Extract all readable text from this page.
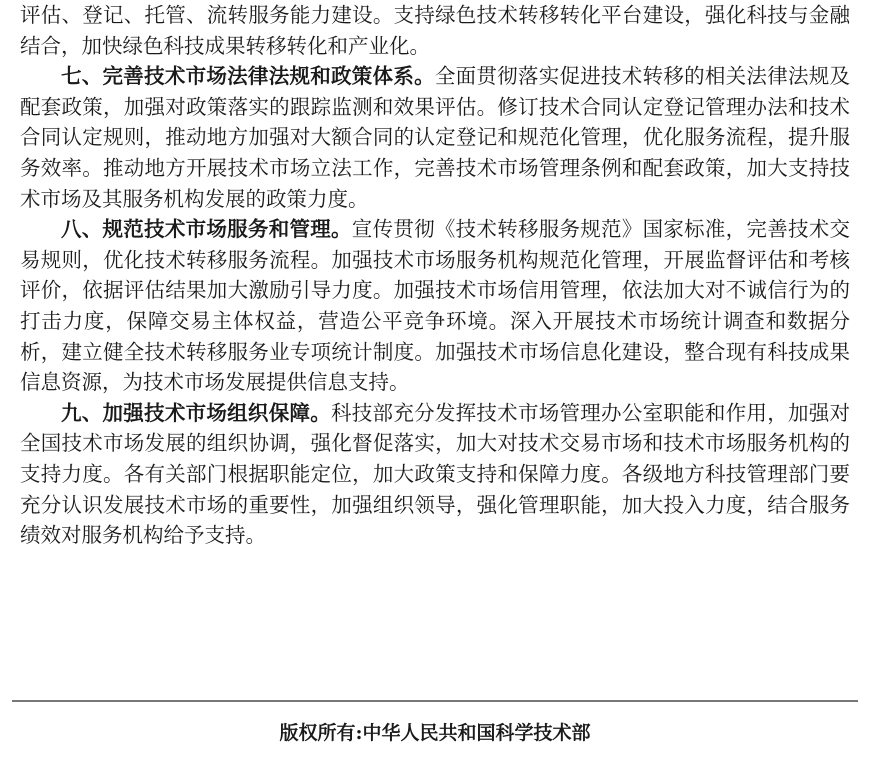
评估、登记、托管、流转服务能力建设。支持绿色技术转移转化平台建设，强化科技与金融结合，加快绿色科技成果转移转化和产业化。

七、完善技术市场法律法规和政策体系。全面贯彻落实促进技术转移的相关法律法规及配套政策，加强对政策落实的跟踪监测和效果评估。修订技术合同认定登记管理办法和技术合同认定规则，推动地方加强对大额合同的认定登记和规范化管理，优化服务流程，提升服务效率。推动地方开展技术市场立法工作，完善技术市场管理条例和配套政策，加大支持技术市场及其服务机构发展的政策力度。

八、规范技术市场服务和管理。宣传贯彻《技术转移服务规范》国家标准，完善技术交易规则，优化技术转移服务流程。加强技术市场服务机构规范化管理，开展监督评估和考核评价，依据评估结果加大激励引导力度。加强技术市场信用管理，依法加大对不诚信行为的打击力度，保障交易主体权益，营造公平竞争环境。深入开展技术市场统计调查和数据分析，建立健全技术转移服务业专项统计制度。加强技术市场信息化建设，整合现有科技成果信息资源，为技术市场发展提供信息支持。

九、加强技术市场组织保障。科技部充分发挥技术市场管理办公室职能和作用，加强对全国技术市场发展的组织协调，强化督促落实，加大对技术交易市场和技术市场服务机构的支持力度。各有关部门根据职能定位，加大政策支持和保障力度。各级地方科技管理部门要充分认识发展技术市场的重要性，加强组织领导，强化管理职能，加大投入力度，结合服务绩效对服务机构给予支持。

版权所有:中华人民共和国科学技术部
